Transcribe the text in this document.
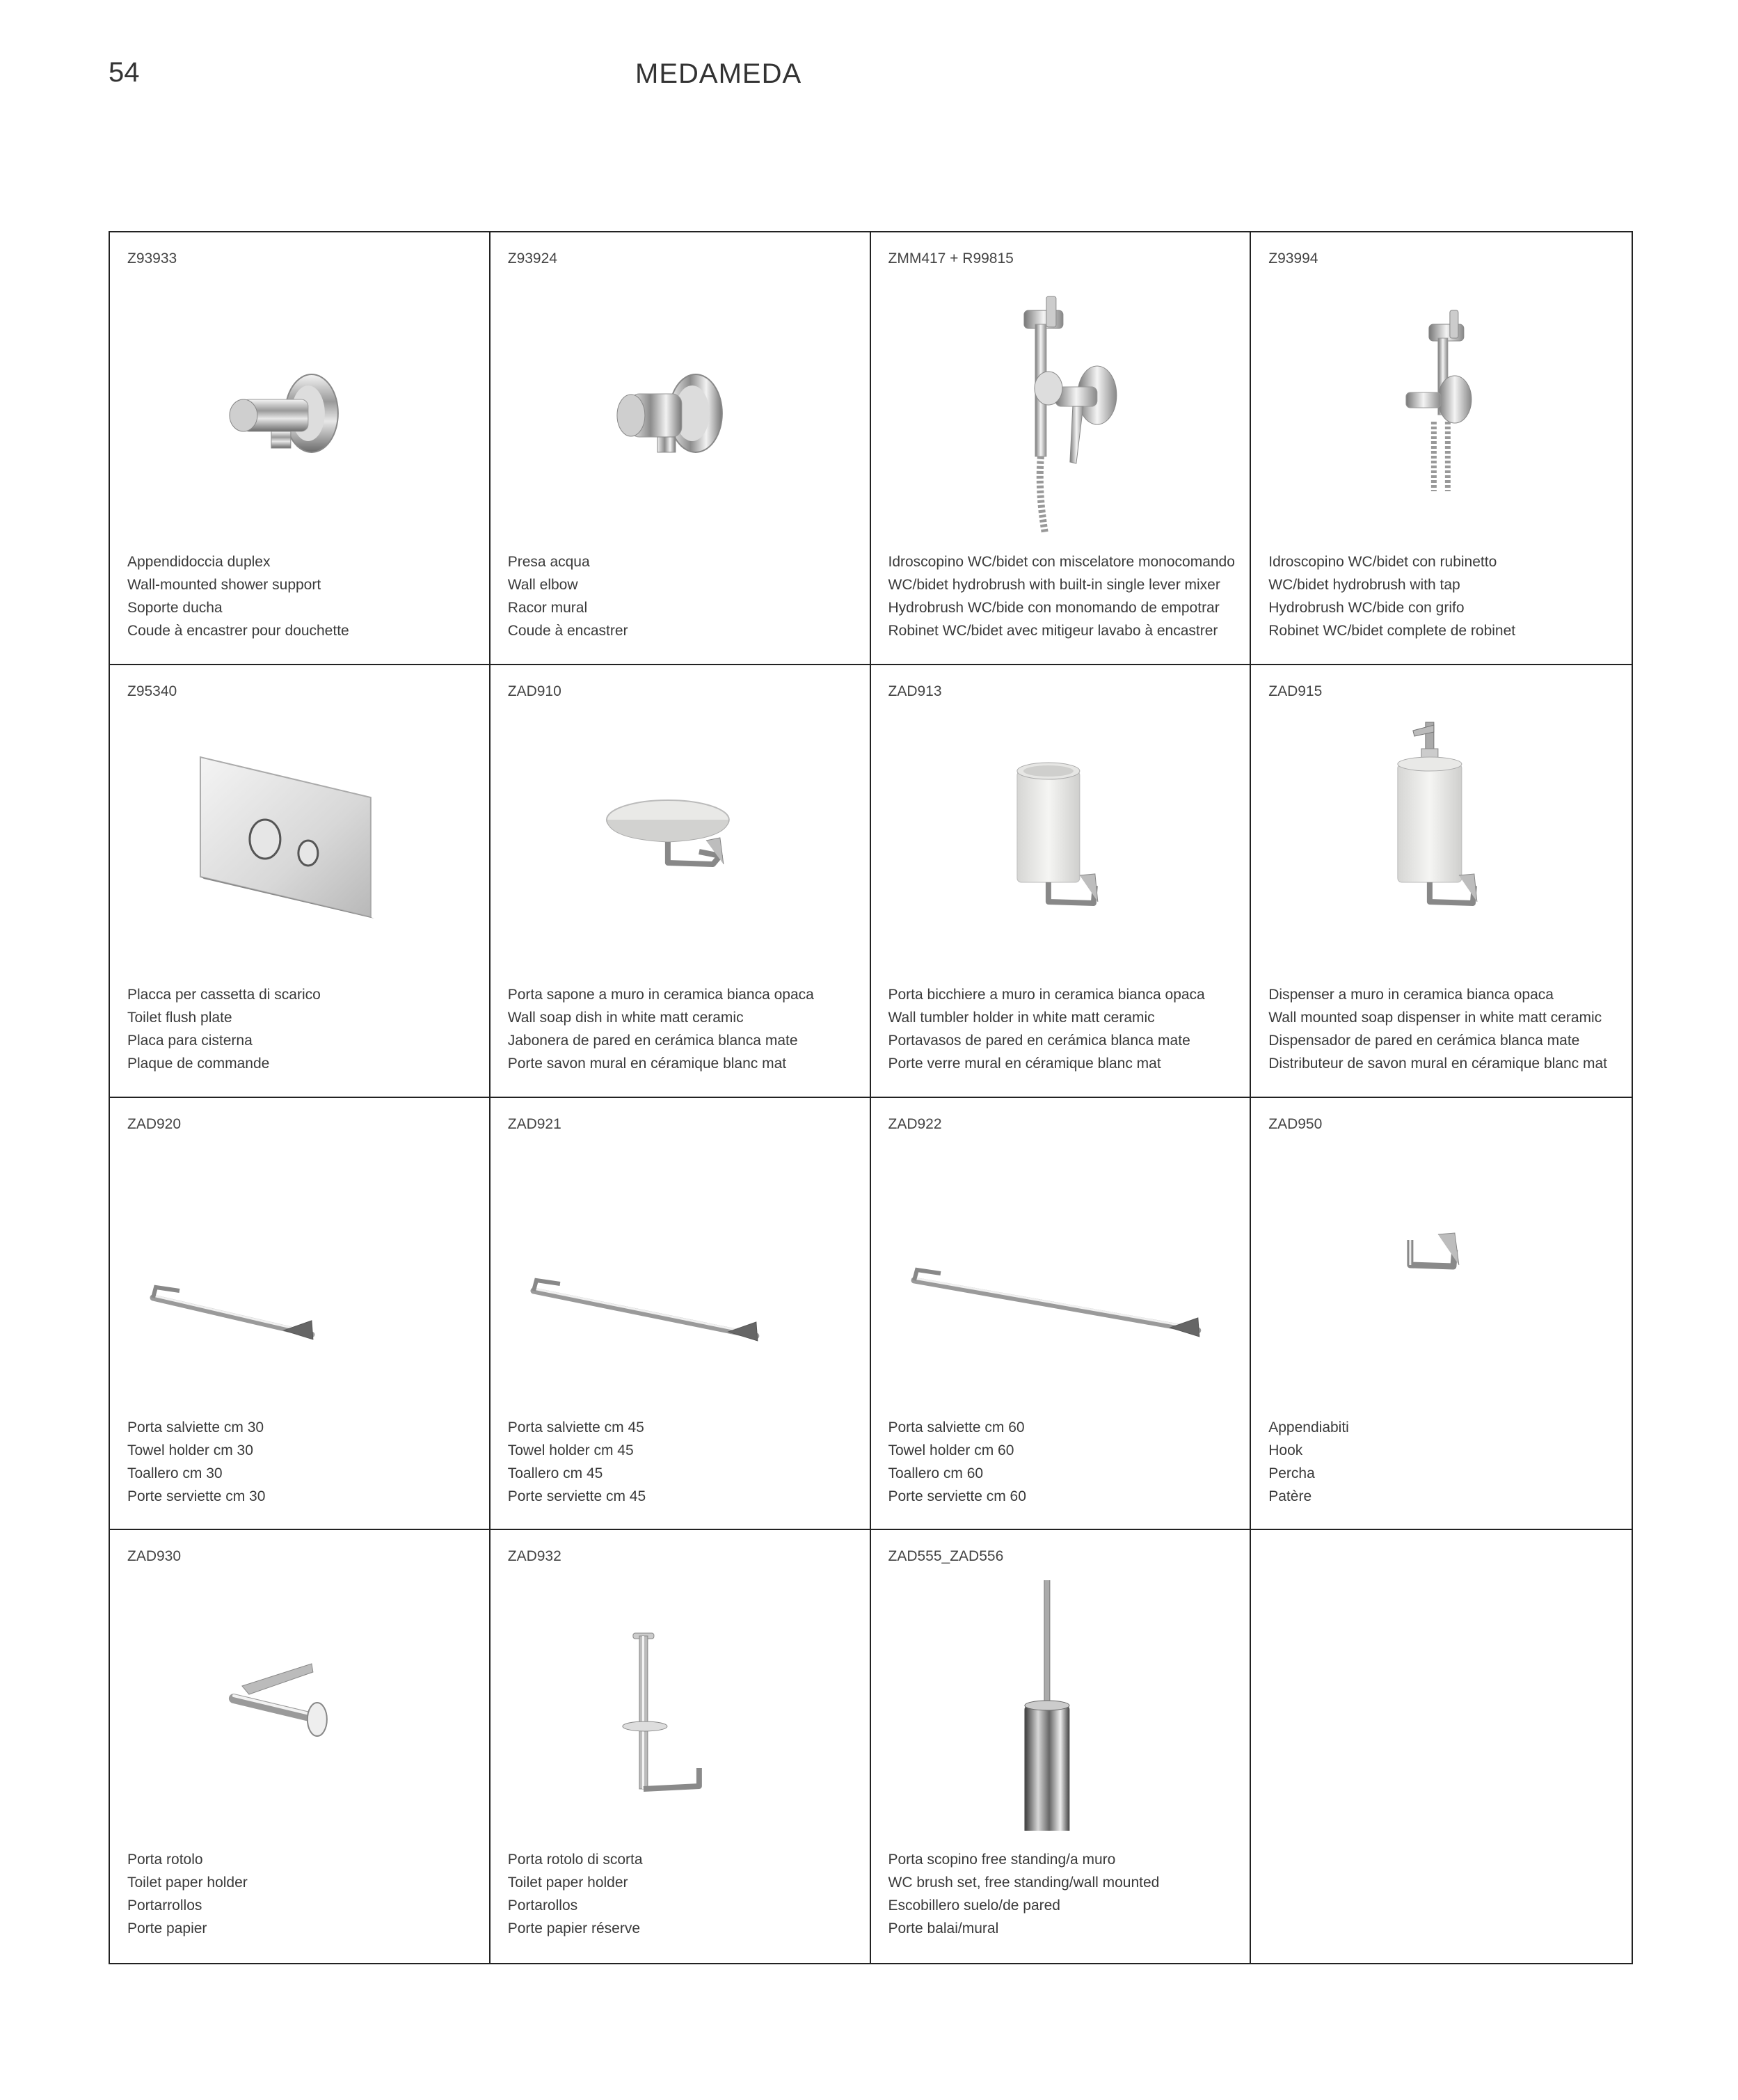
54	MEDAMEDA
Z93933
Appendidoccia duplex
Wall-mounted shower support
Soporte ducha
Coude à encastrer pour douchette
Z93924
Presa acqua
Wall elbow
Racor mural
Coude à encastrer
ZMM417 + R99815
Idroscopino WC/bidet con miscelatore monocomando
WC/bidet hydrobrush with built-in single lever mixer
Hydrobrush WC/bide con monomando de empotrar
Robinet WC/bidet avec mitigeur lavabo à encastrer
Z93994
Idroscopino WC/bidet con rubinetto
WC/bidet hydrobrush with tap
Hydrobrush WC/bide con grifo
Robinet WC/bidet complete de robinet
Z95340
Placca per cassetta di scarico
Toilet flush plate
Placa para cisterna
Plaque de commande
ZAD910
Porta sapone a muro in ceramica bianca opaca
Wall soap dish in white matt ceramic
Jabonera de pared en cerámica blanca mate
Porte savon mural en céramique blanc mat
ZAD913
Porta bicchiere a muro in ceramica bianca opaca
Wall tumbler holder in white matt ceramic
Portavasos de pared en cerámica blanca mate
Porte verre mural en céramique blanc mat
ZAD915
Dispenser a muro in ceramica bianca opaca
Wall mounted soap dispenser in white matt ceramic
Dispensador de pared en cerámica blanca mate
Distributeur de savon mural en céramique blanc mat
ZAD920
Porta salviette cm 30
Towel holder cm 30
Toallero cm 30
Porte serviette cm 30
ZAD921
Porta salviette cm 45
Towel holder cm 45
Toallero cm 45
Porte serviette cm 45
ZAD922
Porta salviette cm 60
Towel holder cm 60
Toallero cm 60
Porte serviette cm 60
ZAD950
Appendiabiti
Hook
Percha
Patère
ZAD930
Porta rotolo
Toilet paper holder
Portarrollos
Porte papier
ZAD932
Porta rotolo di scorta
Toilet paper holder
Portarollos
Porte papier réserve
ZAD555_ZAD556
Porta scopino free standing/a muro
WC brush set, free standing/wall mounted
Escobillero suelo/de pared
Porte balai/mural
